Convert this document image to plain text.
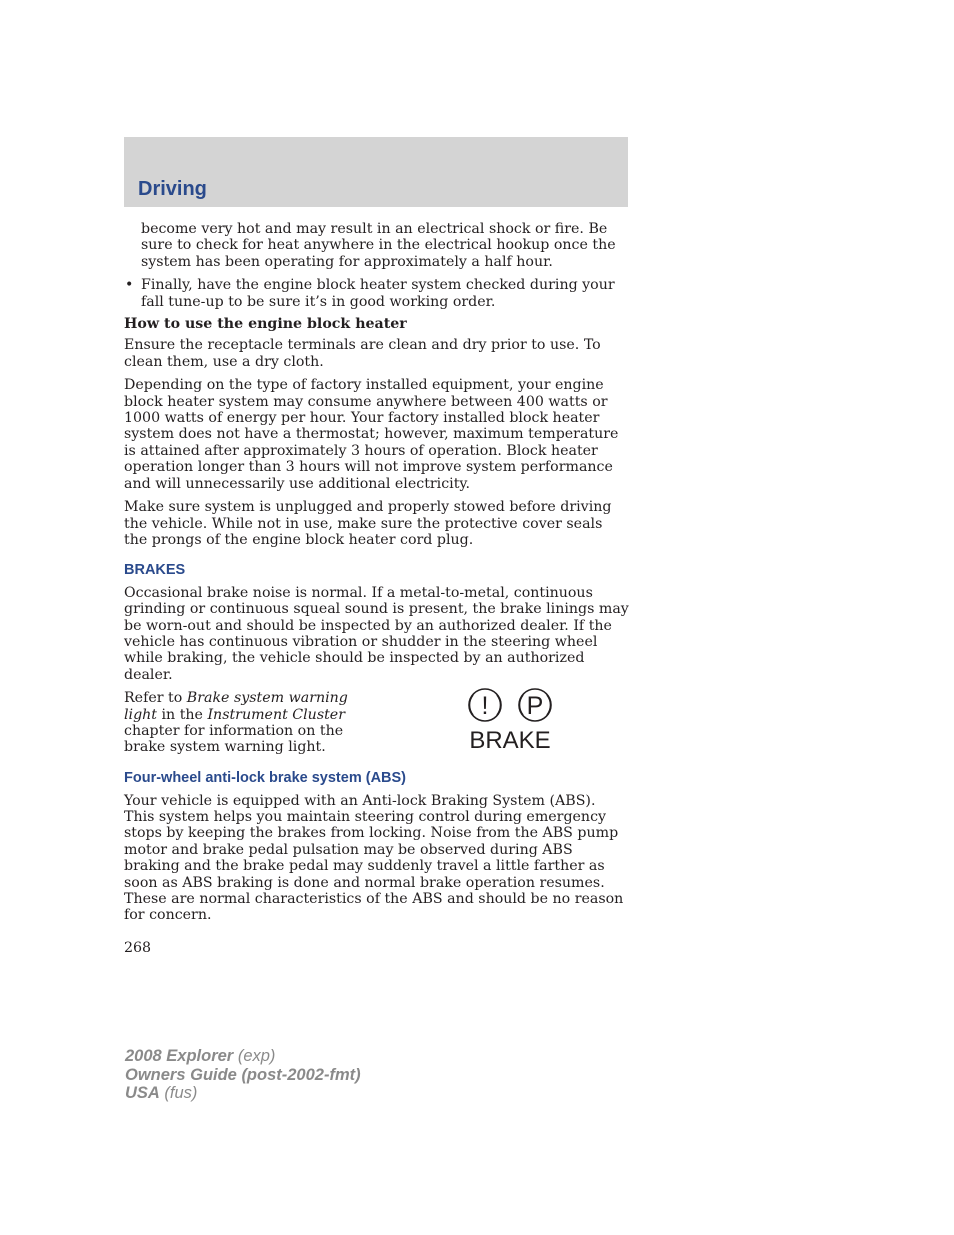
Driving

become very hot and may result in an electrical shock or fire. Be sure to check for heat anywhere in the electrical hookup once the system has been operating for approximately a half hour.

• Finally, have the engine block heater system checked during your fall tune-up to be sure it’s in good working order.
How to use the engine block heater

Ensure the receptacle terminals are clean and dry prior to use. To clean them, use a dry cloth.

Depending on the type of factory installed equipment, your engine block heater system may consume anywhere between 400 watts or 1000 watts of energy per hour. Your factory installed block heater system does not have a thermostat; however, maximum temperature is attained after approximately 3 hours of operation. Block heater operation longer than 3 hours will not improve system performance and will unnecessarily use additional electricity.

Make sure system is unplugged and properly stowed before driving the vehicle. While not in use, make sure the protective cover seals the prongs of the engine block heater cord plug.

BRAKES

Occasional brake noise is normal. If a metal-to-metal, continuous grinding or continuous squeal sound is present, the brake linings may be worn-out and should be inspected by an authorized dealer. If the vehicle has continuous vibration or shudder in the steering wheel while braking, the vehicle should be inspected by an authorized dealer.

Refer to Brake system warning light in the Instrument Cluster chapter for information on the brake system warning light.
! P
BRAKE
Four-wheel anti-lock brake system (ABS)

Your vehicle is equipped with an Anti-lock Braking System (ABS). This system helps you maintain steering control during emergency stops by keeping the brakes from locking. Noise from the ABS pump motor and brake pedal pulsation may be observed during ABS braking and the brake pedal may suddenly travel a little farther as soon as ABS braking is done and normal brake operation resumes. These are normal characteristics of the ABS and should be no reason for concern.

268
2008 Explorer (exp)
Owners Guide (post-2002-fmt)
USA (fus)
